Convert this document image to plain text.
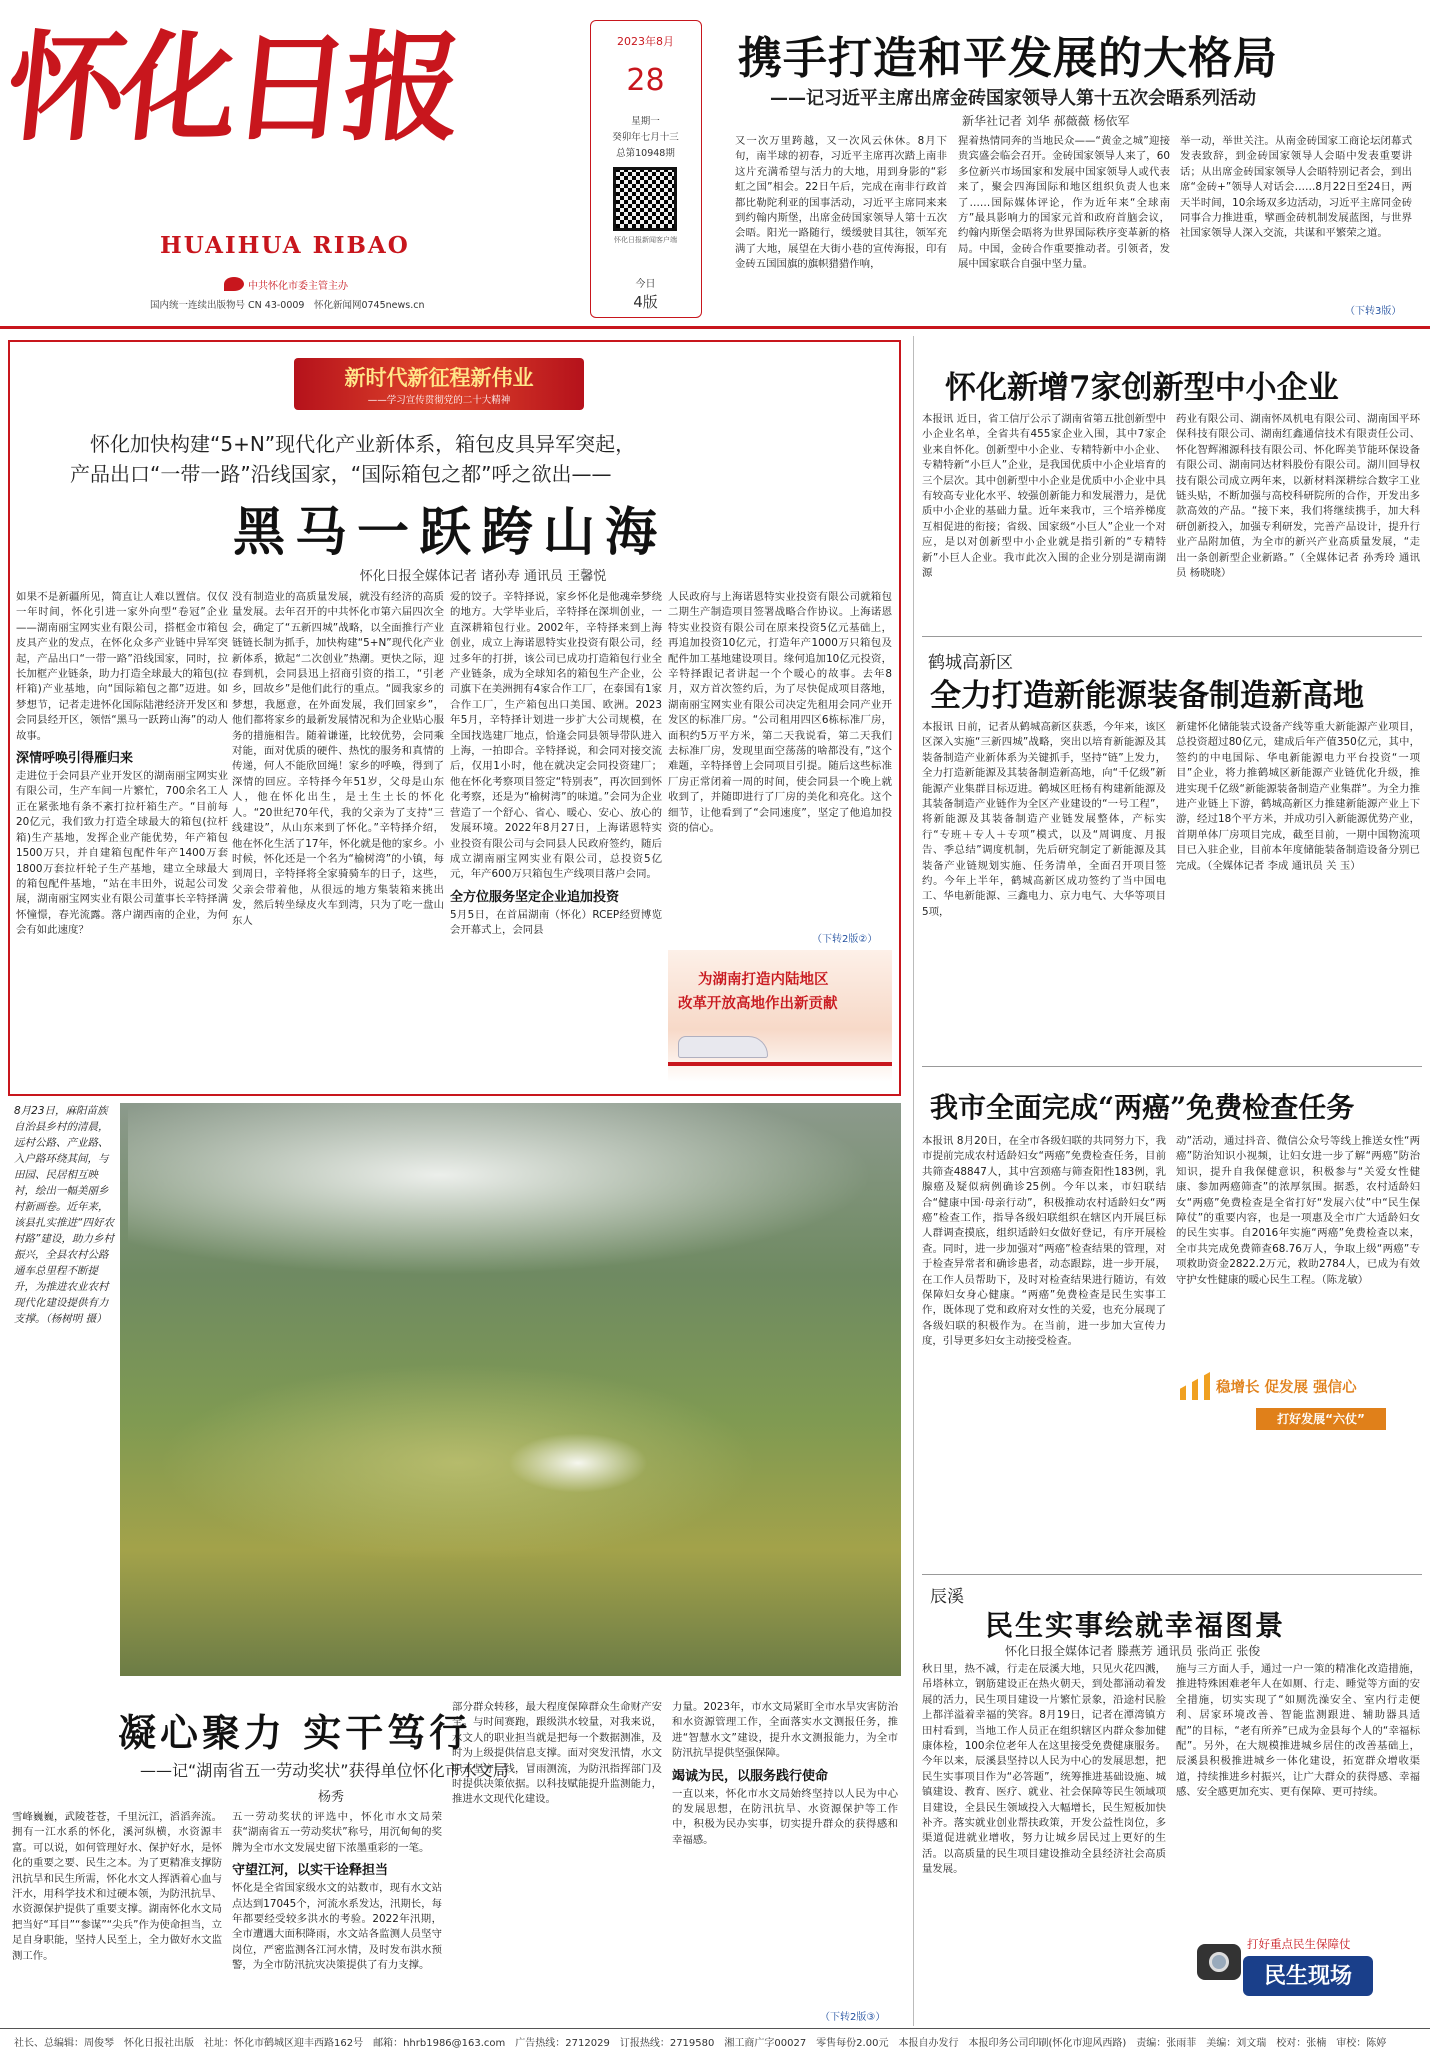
怀化日报
HUAIHUA RIBAO
中共怀化市委主管主办
国内统一连续出版物号 CN 43-0009　怀化新闻网0745news.cn
2023年8月
28
星期一
癸卯年七月十三
总第10948期
怀化日报新闻客户端
今日
4版
携手打造和平发展的大格局
——记习近平主席出席金砖国家领导人第十五次会晤系列活动
新华社记者 刘华 郝薇薇 杨依军
又一次万里跨越，又一次风云休休。8月下旬，南半球的初春，习近平主席再次踏上南非这片充满希望与活力的大地，用到身影的“彩虹之国”相会。22日午后，完成在南非行政首都比勒陀利亚的国事活动，习近平主席同来来到约翰内斯堡，出席金砖国家领导人第十五次会晤。阳光一路随行，缓缓驶目其往，领军充满了大地，展望在大街小巷的宣传海报，印有金砖五国国旗的旗帜猎猎作响，
猩着热情同奔的当地民众——“黄金之城”迎接贵宾盛会临会召开。金砖国家领导人来了，60多位新兴市场国家和发展中国家领导人或代表来了，聚会四海国际和地区组织负责人也来了……国际媒体评论，作为近年来“全球南方”最具影响力的国家元首和政府首脑会议，约翰内斯堡会晤将为世界国际秩序变革新的格局。中国，金砖合作重要推动者。引领者，发展中国家联合自强中坚力量。
举一动，举世关注。从南金砖国家工商论坛闭幕式发表致辞，到金砖国家领导人会晤中发表重要讲话；从出席金砖国家领导人会晤特别记者会，到出席“金砖+”领导人对话会……8月22日至24日，两天半时间，10余场双多边活动，习近平主席同金砖同事合力推进重，擘画金砖机制发展蓝图，与世界社国家领导人深入交流，共谋和平繁荣之道。
（下转3版）
新时代新征程新伟业
——学习宣传贯彻党的二十大精神
怀化加快构建“5+N”现代化产业新体系，箱包皮具异军突起，
产品出口“一带一路”沿线国家，“国际箱包之都”呼之欲出——
黑马一跃跨山海
怀化日报全媒体记者 诸孙寿 通讯员 王馨悦
如果不是新疆所见，简直让人难以置信。仅仅一年时间，怀化引进一家外向型“卷冠”企业——湖南丽宝网实业有限公司，搭框金市箱包皮具产业的发点，在怀化众多产业链中异军突起，产品出口“一带一路”沿线国家，同时，拉长加框产业链条，助力打造全球最大的箱包(拉杆箱)产业基地，向“国际箱包之都”迈进。如梦想节，记者走进怀化国际陆港经济开发区和会同县经开区，领悟“黑马一跃跨山海”的动人故事。
深情呼唤引得雁归来
走进位于会同县产业开发区的湖南丽宝网实业有限公司，生产车间一片繁忙，700余名工人正在紧张地有条不紊打拉杆箱生产。“目前每20亿元，我们致力打造全球最大的箱包(拉杆箱)生产基地，发挥企业产能优势，年产箱包1500万只，并自建箱包配件年产1400万套1800万套拉杆轮子生产基地，建立全球最大的箱包配件基地，“站在丰田外，说起公司发展，湖南丽宝网实业有限公司董事长辛特择满怀憧憬，春光流露。落户湖西南的企业，为何会有如此速度？
没有制造业的高质量发展，就没有经济的高质量发展。去年召开的中共怀化市第六届四次全会，确定了“五新四城”战略，以全面推行产业链链长制为抓手，加快构建“5+N”现代化产业新体系，掀起“二次创业”热潮。更快之际，迎春到机，会同县迅上招商引资的指工，“引老乡，回故乡”是他们此行的重点。“圆我家乡的梦想，我愿意，在外面发展，我们回家乡”，他们都将家乡的最新发展情况和为企业贴心服务的措施相告。随着谦谨，比较优势，会同乘对能，面对优质的硬件、热忱的服务和真情的传递，何人不能欣回绳！家乡的呼唤，得到了深情的回应。辛特择今年51岁，父母是山东人，他在怀化出生，是土生土长的怀化人。“20世纪70年代，我的父亲为了支持“三线建设”，从山东来到了怀化。”辛特择介绍，他在怀化生活了17年，怀化就是他的家乡。小时候，怀化还是一个名为“榆树湾”的小镇，每到周日，辛特择将全家骑骑车的日子，这些，父亲会带着他，从很远的地方集装箱来挑出发，然后转坐绿皮火车到湾，只为了吃一盘山东人
爱的饺子。辛特择说，家乡怀化是他魂牵梦绕的地方。大学毕业后，辛特择在深圳创业，一直深耕箱包行业。2002年，辛特择来到上海创业，成立上海诺恩特实业投资有限公司，经过多年的打拼，该公司已成功打造箱包行业全产业链条，成为全球知名的箱包生产企业，公司旗下在美洲拥有4家合作工厂，在泰国有1家合作工厂，生产箱包出口美国、欧洲。2023年5月，辛特择计划进一步扩大公司规模，在全国找选建厂地点，恰逢会同县领导带队进入上海，一拍即合。辛特择说，和会同对接交流后，仅用1小时，他在就决定会同投资建厂；他在怀化考察项目签定“特别表”，再次回到怀化考察，还是为“榆树湾”的味道。”会同为企业营造了一个舒心、省心、暖心、安心、放心的发展环境。2022年8月27日，上海诺恩特实业投资有限公司与会同县人民政府签约，随后成立湖南丽宝网实业有限公司，总投资5亿元，年产600万只箱包生产线项目落户会同。
全方位服务坚定企业追加投资
5月5日，在首届湖南（怀化）RCEP经贸博览会开幕式上，会同县
人民政府与上海诺恩特实业投资有限公司就箱包二期生产制造项目签署战略合作协议。上海诺恩特实业投资有限公司在原来投资5亿元基础上，再追加投资10亿元，打造年产1000万只箱包及配件加工基地建设项目。缘何追加10亿元投资，辛特择跟记者讲起一个个暖心的故事。去年8月，双方首次签约后，为了尽快促成项目落地，湖南丽宝网实业有限公司决定先租用会同产业开发区的标准厂房。“公司租用四区6栋标准厂房，面积约5万平方米，第二天我说看，第二天我们去标准厂房，发现里面空荡荡的啥都没有，”这个难题，辛特择曾上会同项目引提。随后这些标准厂房正常闭着一周的时间，使会同县一个晚上就收到了，并随即进行了厂房的美化和亮化。这个细节，让他看到了“会同速度”，坚定了他追加投资的信心。
（下转2版②）
为湖南打造内陆地区
改革开放高地作出新贡献
8月23日，麻阳苗族自治县乡村的清晨，远村公路、产业路、入户路环绕其间，与田园、民居相互映衬，绘出一幅美丽乡村新画卷。近年来，该县扎实推进“四好农村路”建设，助力乡村振兴，全县农村公路通车总里程不断提升，为推进农业农村现代化建设提供有力支撑。（杨树明 摄）
凝心聚力 实干笃行
——记“湖南省五一劳动奖状”获得单位怀化市水文局
杨秀
雪峰巍巍，武陵苍苍，千里沅江，滔滔奔流。拥有一江水系的怀化，溪河纵横，水资源丰富。可以说，如何管理好水、保护好水，是怀化的重要之要、民生之本。为了更精准支撑防汛抗旱和民生所需，怀化水文人挥洒着心血与汗水，用科学技术和过硬本领，为防汛抗旱、水资源保护提供了重要支撑。湖南怀化水文局把当好“耳目”“参谋”“尖兵”作为使命担当，立足自身职能，坚持人民至上，全力做好水文监测工作。
五一劳动奖状的评选中，怀化市水文局荣获“湖南省五一劳动奖状”称号，用沉甸甸的奖牌为全市水文发展史留下浓墨重彩的一笔。
守望江河，以实干诠释担当
怀化是全省国家级水文的站数市，现有水文站点达到17045个，河流水系发达，汛期长，每年都要经受较多洪水的考验。2022年汛期，全市遭遇大面积降雨，水文站各监测人员坚守岗位，严密监测各江河水情，及时发布洪水预警，为全市防汛抗灾决策提供了有力支撑。
部分群众转移，最大程度保障群众生命财产安全。与时间赛跑，跟级洪水较量，对我来说，水文人的职业担当就是把每一个数据测准，及时为上级提供信息支撑。面对突发汛情，水文职工坚守一线，冒雨测流，为防汛指挥部门及时提供决策依据。以科技赋能提升监测能力，推进水文现代化建设。
力量。2023年，市水文局紧盯全市水旱灾害防治和水资源管理工作，全面落实水文测报任务，推进“智慧水文”建设，提升水文测报能力，为全市防汛抗旱提供坚强保障。
竭诚为民，以服务践行使命
一直以来，怀化市水文局始终坚持以人民为中心的发展思想，在防汛抗旱、水资源保护等工作中，积极为民办实事，切实提升群众的获得感和幸福感。
（下转2版③）
怀化新增7家创新型中小企业
本报讯 近日，省工信厅公示了湖南省第五批创新型中小企业名单，全省共有455家企业入围，其中7家企业来自怀化。创新型中小企业、专精特新中小企业、专精特新“小巨人”企业，是我国优质中小企业培育的三个层次。其中创新型中小企业是优质中小企业中具有较高专业化水平、较强创新能力和发展潜力，是优质中小企业的基础力量。近年来我市，三个培养梯度互相促进的衔接；省级、国家级“小巨人”企业一个对应，是以对创新型中小企业就是指引新的“专精特新”小巨人企业。我市此次入围的企业分别是湖南湖源
药业有限公司、湖南怀凤机电有限公司、湖南国平环保科技有限公司、湖南红鑫通信技术有限责任公司、怀化智辉湘源科技有限公司、怀化晖美节能环保设备有限公司、湖南同达材料股份有限公司。湖川回导权技有限公司成立两年来，以新材料深耕综合数字工业链头贴，不断加强与高校科研院所的合作，开发出多款高效的产品。“接下来，我们将继续携手，加大科研创新投入，加强专利研发，完善产品设计，提升行业产品附加值，为全市的新兴产业高质量发展，“走出一条创新型企业新路。”（全媒体记者 孙秀玲 通讯员 杨晓晓）
鹤城高新区
全力打造新能源装备制造新高地
本报讯 日前，记者从鹤城高新区获悉，今年来，该区区深入实施“三新四城”战略，突出以培育新能源及其装备制造产业新体系为关键抓手，坚持“链”上发力，全力打造新能源及其装备制造新高地，向“千亿级”新能源产业集群目标迈进。鹤城区旺杨有构建新能源及其装备制造产业链作为全区产业建设的“一号工程”，将新能源及其装备制造产业链发展整体，产标实行“专班＋专人＋专项”模式，以及“周调度、月报告、季总结”调度机制，先后研究制定了新能源及其装备产业链规划实施、任务清单，全面召开项目签约。今年上半年，鹤城高新区成功签约了当中国电工、华电新能源、三鑫电力、京力电气、大华等项目5项，
新建怀化储能装式设备产线等重大新能源产业项目，总投资超过80亿元，建成后年产值350亿元，其中，签约的中电国际、华电新能源电力平台投资“一项目”企业，将力推鹤城区新能源产业链优化升级，推进实现千亿级“新能源装备制造产业集群”。为全力推进产业链上下游，鹤城高新区力推建新能源产业上下游，经过18个平方米，并成功引入新能源优势产业，首期单体厂房项目完成，截至目前，一期中国物流项目已入驻企业，目前本年度储能装备制造设备分别已完成。（全媒体记者 李成 通讯员 关 玉）
我市全面完成“两癌”免费检查任务
本报讯 8月20日，在全市各级妇联的共同努力下，我市提前完成农村适龄妇女“两癌”免费检查任务，目前共筛查48847人，其中宫颈癌与筛查阳性183例，乳腺癌及疑似病例确诊25例。今年以来，市妇联结合“健康中国·母亲行动”，积极推动农村适龄妇女“两癌”检查工作，指导各级妇联组织在辖区内开展巨标人群调查摸底，组织适龄妇女做好登记，有序开展检查。同时，进一步加强对“两癌”检查结果的管理，对于检查异常者和确诊患者，动态跟踪，进一步开展，在工作人员帮助下，及时对检查结果进行随访，有效保障妇女身心健康。“两癌”免费检查是民生实事工作，既体现了党和政府对女性的关爱，也充分展现了各级妇联的积极作为。在当前，进一步加大宣传力度，引导更多妇女主动接受检查。
动”活动，通过抖音、微信公众号等线上推送女性“两癌”防治知识小视频，让妇女进一步了解“两癌”防治知识，提升自我保健意识，积极参与“关爱女性健康、参加两癌筛查”的浓厚氛围。据悉，农村适龄妇女“两癌”免费检查是全省打好“发展六仗”中“民生保障仗”的重要内容，也是一项惠及全市广大适龄妇女的民生实事。自2016年实施“两癌”免费检查以来，全市共完成免费筛查68.76万人，争取上级“两癌”专项救助资金2822.2万元，救助2784人，已成为有效守护女性健康的暖心民生工程。（陈龙敏）
稳增长 促发展 强信心
打好发展“六仗”
辰溪
民生实事绘就幸福图景
怀化日报全媒体记者 滕燕芳 通讯员 张尚正 张俊
秋日里，热不减，行走在辰溪大地，只见火花四溅，吊塔林立，钢筋建设正在热火朝天，到处都涌动着发展的活力，民生项目建设一片繁忙景象，沿途村民脸上都洋溢着幸福的笑容。8月19日，记者在潭湾镇方田村看到，当地工作人员正在组织辖区内群众参加健康体检，100余位老年人在这里接受免费健康服务。今年以来，辰溪县坚持以人民为中心的发展思想，把民生实事项目作为“必答题”，统筹推进基础设施、城镇建设、教育、医疗、就业、社会保障等民生领域项目建设，全县民生领域投入大幅增长，民生短板加快补齐。落实就业创业帮扶政策，开发公益性岗位，多渠道促进就业增收，努力让城乡居民过上更好的生活。以高质量的民生项目建设推动全县经济社会高质量发展。
施与三方面人手，通过一户一策的精准化改造措施，推进特殊困难老年人在如厕、行走、睡觉等方面的安全措施，切实实现了“如厕洗澡安全、室内行走便利、居家环境改善、智能监测跟进、辅助器具适配”的目标，“老有所养”已成为金县每个人的“幸福标配”。另外，在大规模推进城乡居住的改善基础上，辰溪县积极推进城乡一体化建设，拓宽群众增收渠道，持续推进乡村振兴，让广大群众的获得感、幸福感、安全感更加充实、更有保障、更可持续。
打好重点民生保障仗
民生现场
社长、总编辑：周俊琴　怀化日报社出版　社址：怀化市鹤城区迎丰西路162号　邮箱：hhrb1986@163.com　广告热线：2712029　订报热线：2719580　湘工商广字00027　零售每份2.00元　本报自办发行　本报印务公司印刷(怀化市迎风西路)　责编：张雨菲　美编：刘文瑞　校对：张楠　审校：陈婷
